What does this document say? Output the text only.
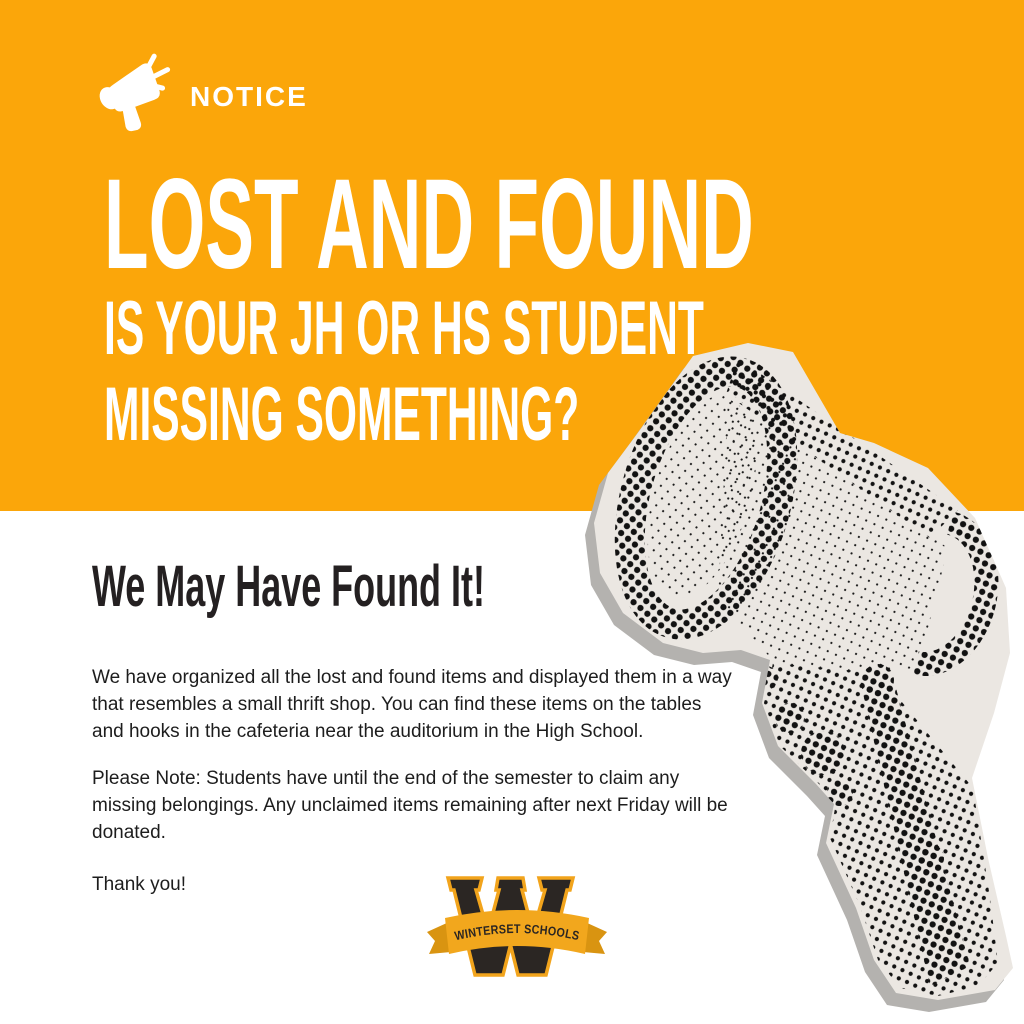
NOTICE
LOST AND FOUND
IS YOUR JH OR HS STUDENT
MISSING SOMETHING?
We May Have Found It!
We have organized all the lost and found items and displayed them in a way
that resembles a small thrift shop. You can find these items on the tables
and hooks in the cafeteria near the auditorium in the High School.
Please Note: Students have until the end of the semester to claim any
missing belongings. Any unclaimed items remaining after next Friday will be
donated.
Thank you!
WINTERSET SCHOOLS
